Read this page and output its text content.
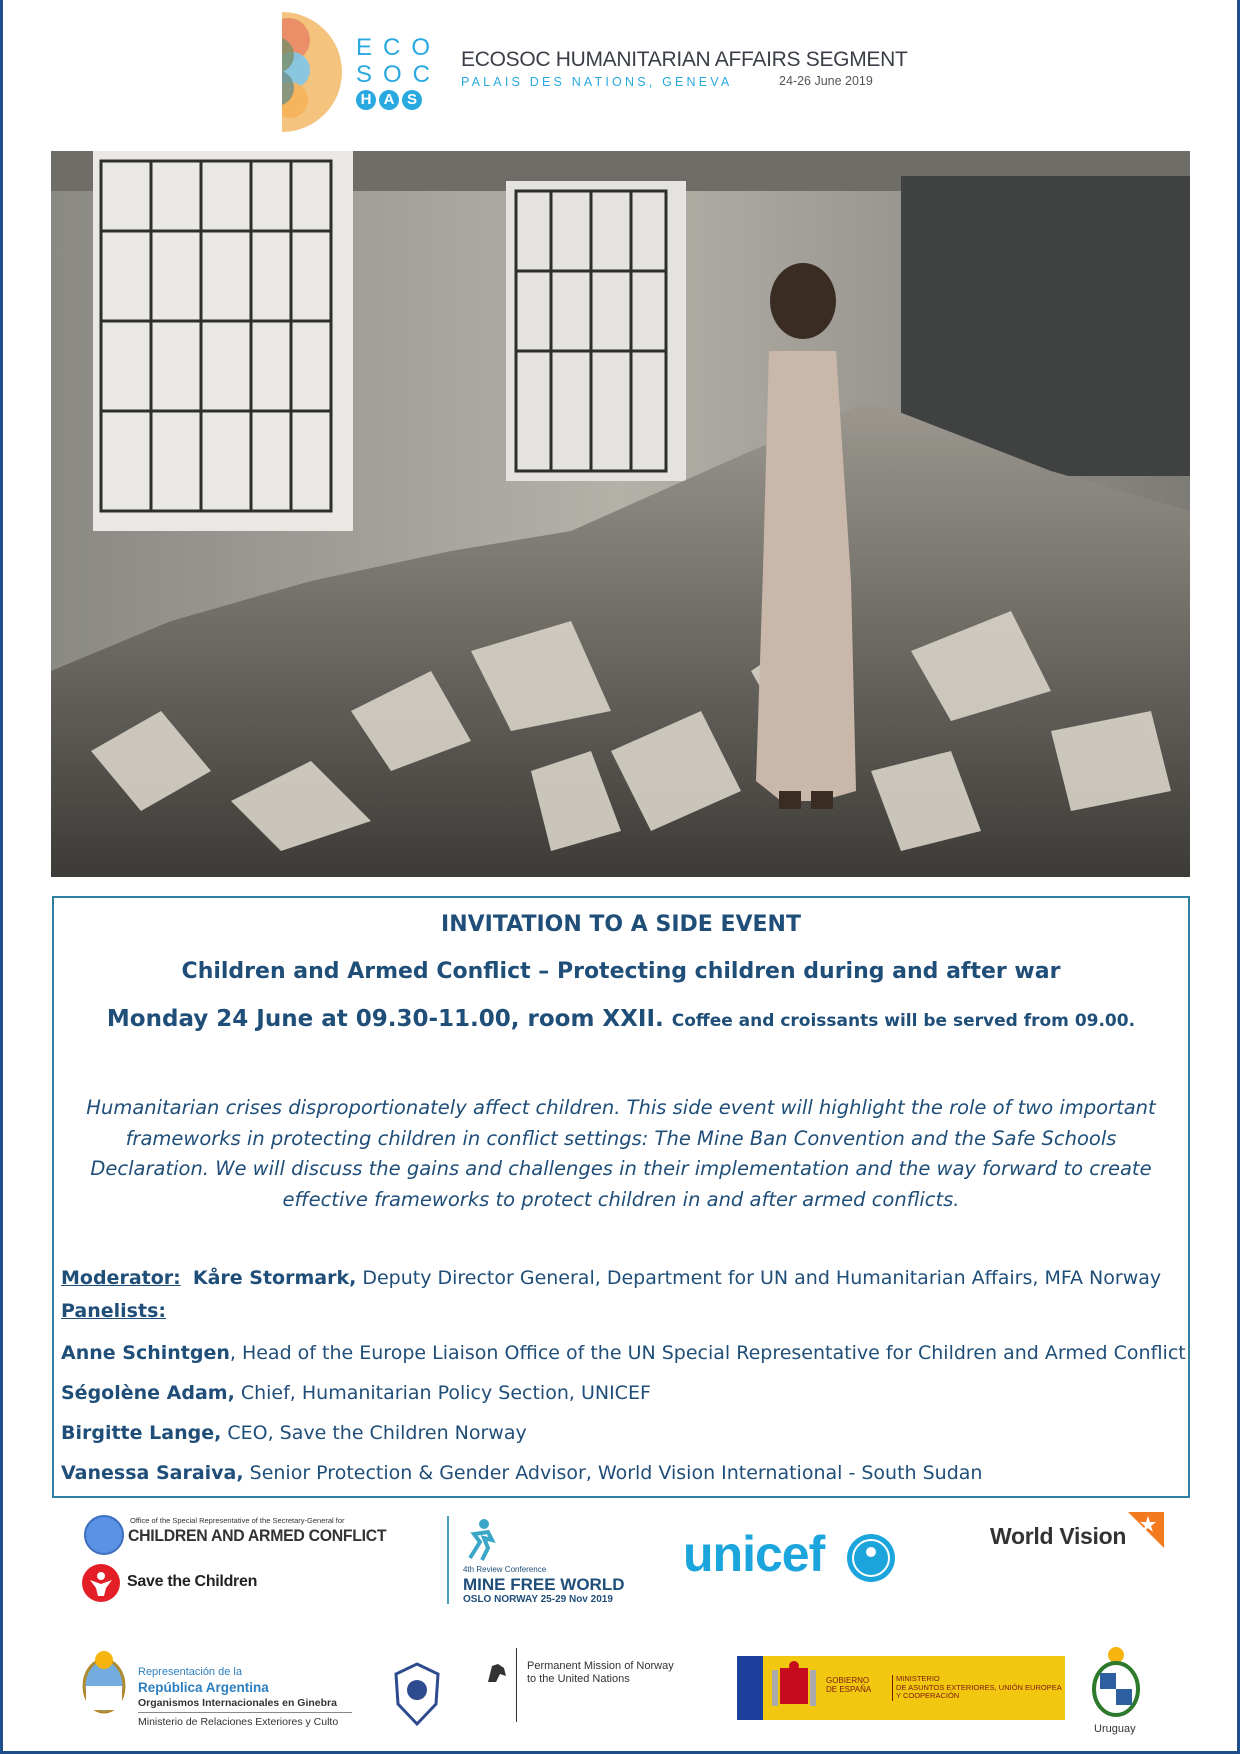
ECO
SOC
H A S
ECOSOC HUMANITARIAN AFFAIRS SEGMENT
PALAIS DES NATIONS, GENEVA	24-26 June 2019
INVITATION TO A SIDE EVENT
Children and Armed Conflict – Protecting children during and after war
Monday 24 June at 09.30-11.00, room XXII. Coffee and croissants will be served from 09.00.
Humanitarian crises disproportionately affect children. This side event will highlight the role of two important
frameworks in protecting children in conflict settings: The Mine Ban Convention and the Safe Schools
Declaration. We will discuss the gains and challenges in their implementation and the way forward to create
effective frameworks to protect children in and after armed conflicts.
Moderator: Kåre Stormark, Deputy Director General, Department for UN and Humanitarian Affairs, MFA Norway
Panelists:
Anne Schintgen, Head of the Europe Liaison Office of the UN Special Representative for Children and Armed Conflict
Ségolène Adam, Chief, Humanitarian Policy Section, UNICEF
Birgitte Lange, CEO, Save the Children Norway
Vanessa Saraiva, Senior Protection & Gender Advisor, World Vision International - South Sudan
Office of the Special Representative of the Secretary-General for
CHILDREN AND ARMED CONFLICT
Save the Children
4th Review Conference
MINE FREE WORLD
OSLO NORWAY 25-29 Nov 2019
unicef	World Vision
Representación de la
República Argentina
Organismos Internacionales en Ginebra
Ministerio de Relaciones Exteriores y Culto
Permanent Mission of Norway
to the United Nations	GOBIERNO
DE ESPAÑA
MINISTERIO
DE ASUNTOS EXTERIORES, UNIÓN EUROPEA
Y COOPERACIÓN
Uruguay
